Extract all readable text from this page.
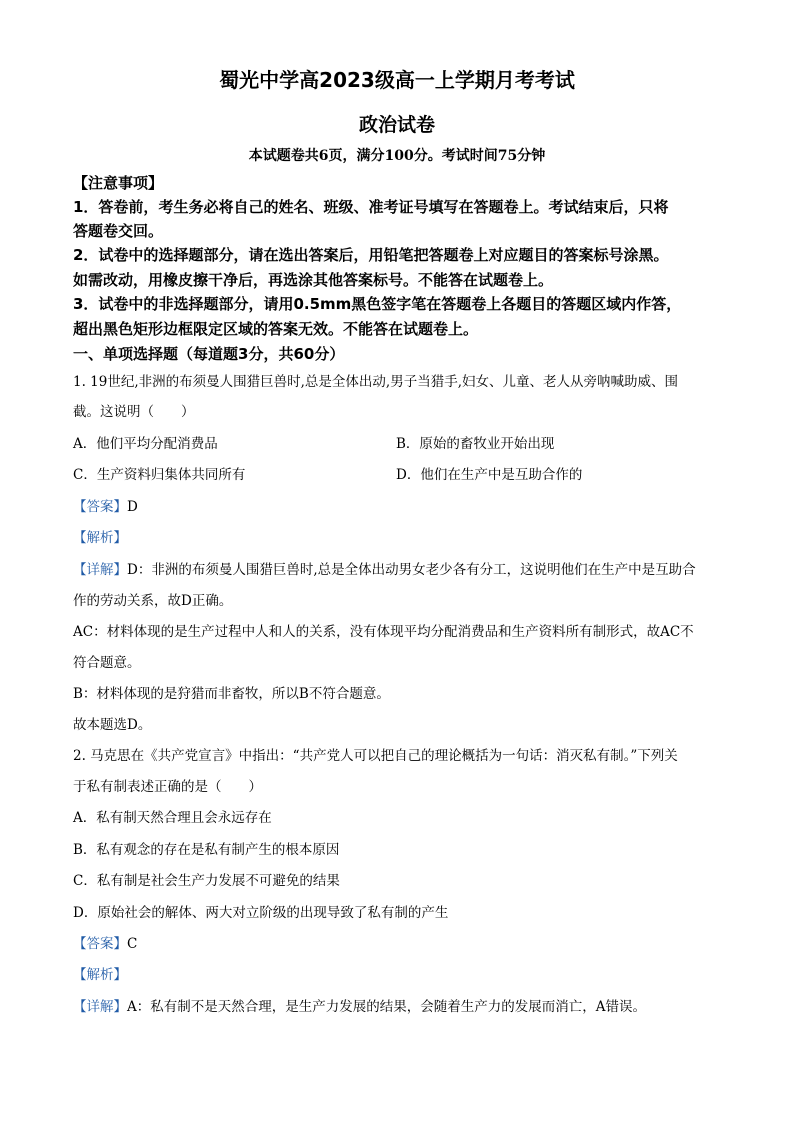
蜀光中学高2023级高一上学期月考考试
政治试卷
本试题卷共6页，满分100分。考试时间75分钟
【注意事项】
1．答卷前，考生务必将自己的姓名、班级、准考证号填写在答题卷上。考试结束后，只将
答题卷交回。
2．试卷中的选择题部分，请在选出答案后，用铅笔把答题卷上对应题目的答案标号涂黑。
如需改动，用橡皮擦干净后，再选涂其他答案标号。不能答在试题卷上。
3．试卷中的非选择题部分，请用0.5mm黑色签字笔在答题卷上各题目的答题区域内作答，
超出黑色矩形边框限定区域的答案无效。不能答在试题卷上。
一、单项选择题（每道题3分，共60分）
1. 19世纪,非洲的布须曼人围猎巨兽时,总是全体出动,男子当猎手,妇女、儿童、老人从旁呐喊助威、围
截。这说明（　　）
A．他们平均分配消费品	B．原始的畜牧业开始出现
C．生产资料归集体共同所有	D．他们在生产中是互助合作的
【答案】D
【解析】
【详解】D：非洲的布须曼人围猎巨兽时,总是全体出动男女老少各有分工，这说明他们在生产中是互助合
作的劳动关系，故D正确。
AC：材料体现的是生产过程中人和人的关系，没有体现平均分配消费品和生产资料所有制形式，故AC不
符合题意。
B：材料体现的是狩猎而非畜牧，所以B不符合题意。
故本题选D。
2. 马克思在《共产党宣言》中指出：“共产党人可以把自己的理论概括为一句话：消灭私有制。”下列关
于私有制表述正确的是（　　）
A．私有制天然合理且会永远存在
B．私有观念的存在是私有制产生的根本原因
C．私有制是社会生产力发展不可避免的结果
D．原始社会的解体、两大对立阶级的出现导致了私有制的产生
【答案】C
【解析】
【详解】A：私有制不是天然合理，是生产力发展的结果，会随着生产力的发展而消亡，A错误。
